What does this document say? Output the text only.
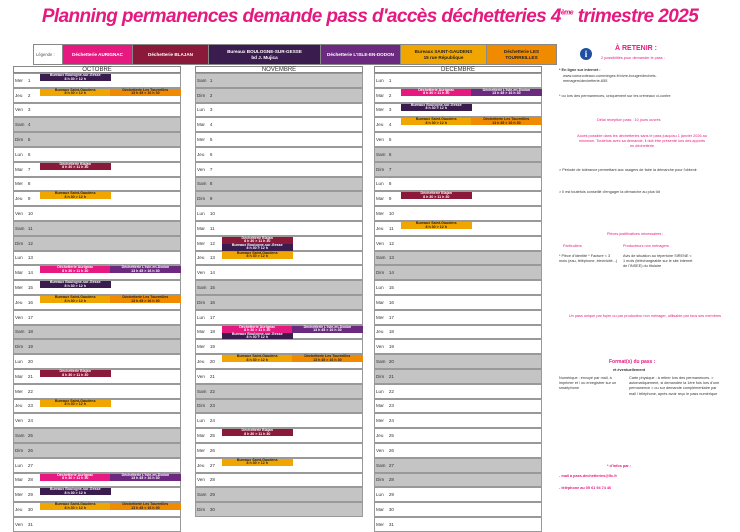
Planning permanences demande pass d'accès déchetteries 4ème trimestre 2025
Légende :	Déchetterie AURIGNAC	Déchetterie BLAJAN
Bureaux BOULOGNE-SUR-GESSE
bd J. Mujica
Déchetterie L'ISLE-EN-DODON
Bureaux SAINT-GAUDENS
15 rue République
Déchetterie LES TOURREILLES
OCTOBRE
Mer	1
Bureaux Boulogne-sur-Gesse
8 h 30 > 12 h
Jeu	2
Bureaux Saint-Gaudens
8 h 30 > 12 h
Déchetterie Les Tourreilles
13 h 45 > 16 h 30
Ven	3
Sam 4
Dim	5
Lun	6
Mar	7
Déchetterie Blajan
8 h 30 > 11 h 30
Mer	8
Jeu	9
Bureaux Saint-Gaudens
8 h 30 > 12 h
Ven	10
Sam 11
Dim	12
Lun	13
Mar	14
Déchetterie Aurignac
8 h 30 > 11 h 30
Déchetterie L'Isle-en-Dodon
13 h 45 > 16 h 30
Mer	15
Bureaux Boulogne-sur-Gesse
8 h 30 > 12 h
Jeu	16
Bureaux Saint-Gaudens
8 h 30 > 12 h
Déchetterie Les Tourreilles
13 h 45 > 16 h 30
Ven	17
Sam 18
Dim	19
Lun	20
Mar	21
Déchetterie Blajan
8 h 30 > 11 h 30
Mer	22
Jeu	23
Bureaux Saint-Gaudens
8 h 30 > 12 h
Ven	24
Sam 25
Dim	26
Lun	27
Mar	28
Déchetterie Aurignac
8 h 30 > 11 h 30
Déchetterie L'Isle-en-Dodon
13 h 45 > 16 h 30
Mer	29
Bureaux Boulogne-sur-Gesse
8 h 30 > 12 h
Jeu	30
Bureaux Saint-Gaudens
8 h 30 > 12 h
Déchetterie Les Tourreilles
13 h 45 > 16 h 30
Ven	31
NOVEMBRE
Sam 1
Dim	2
Lun	3
Mar	4
Mer	5
Jeu	6
Ven	7
Sam 8
Dim	9
Lun	10
Mar	11
Mer	12
Déchetterie Blajan
8 h 30 > 11 h 30
Bureaux Boulogne-sur-Gesse
8 h 30 > 12 h
Jeu	13
Bureaux Saint-Gaudens
8 h 30 > 12 h
Ven	14
Sam 15
Dim	16
Lun	17
Mar	18
Déchetterie Aurignac
8 h 30 > 11 h 30
Bureaux Boulogne-sur-Gesse
8 h 30 > 12 h
Déchetterie L'Isle-en-Dodon
13 h 45 > 16 h 30
Mer	19
Jeu	20
Bureaux Saint-Gaudens
8 h 30 > 12 h
Déchetterie Les Tourreilles
13 h 45 > 16 h 30
Ven	21
Sam 22
Dim	23
Lun	24
Mar	25
Déchetterie Blajan
8 h 30 > 11 h 30
Mer	26
Jeu	27
Bureaux Saint-Gaudens
8 h 30 > 12 h
Ven	28
Sam 29
Dim	30
DECEMBRE
Lun	1
Mar	2
Déchetterie Aurignac
8 h 30 > 11 h 30
Déchetterie L'Isle-en-Dodon
13 h 45 > 16 h 30
Mer	3
Bureaux Boulogne-sur-Gesse
8 h 30 > 12 h
Jeu	4
Bureaux Saint-Gaudens
8 h 30 > 12 h
Déchetterie Les Tourreilles
13 h 45 > 16 h 30
Ven	5
Sam 6
Dim	7
Lun	8
Mar	9
Déchetterie Blajan
8 h 30 > 11 h 30
Mer	10
Jeu	11
Bureaux Saint-Gaudens
8 h 30 > 12 h
Ven	12
Sam 13
Dim	14
Lun	15
Mar	16
Mer	17
Jeu	18
Ven	19
Sam 20
Dim	21
Lun	22
Mar	23
Mer	24
Jeu	25
Ven	26
Sam 27
Dim	28
Lun	29
Mar	30
Mer	31
i
À RETENIR :
2 possibilités pour demander le pass :
* En ligne sur internet :
www.coeurcoteaux-comminges.fr/vivre-bouger/dechets-menagers/dechetterie-655
* ou lors des permanences, uniquement sur les créneaux ci-contre
Délai réception pass : 10 jours ouvrés
Accès possible dans les déchetteries sans le pass jusqu'au 1 janvier 2026 au minimum. Toutefois avec sa demande, il doit être présenté lors des apports en déchetterie
> Période de tolérance permettant aux usagers de faire la démarche pour l'obtenir
> Il est toutefois conseillé d'engager la démarche au plus tôt
Pièces justificatives nécessaires :
Particuliers	Producteurs non ménagers
* Pièce d'identité * Facture < 3 mois (eau, téléphone, électricité...)
Avis de situation au répertoire SIRENE < 1 mois (téléchargeable sur le site internet de l'INSEE) du titulaire
Un pass unique par foyer ou par producteur non ménager, utilisable par tous ses membres
Format(s) du pass :
et éventuellement
Numérique : envoyé par mail, à imprimer et / ou enregistrer sur un smartphone
Carte physique : à retirer lors des permanences. > automatiquement, si demandée la 1ère fois lors d'une permanence > ou sur demande complémentaire par mail / téléphone, après avoir reçu le pass numérique
* d'infos par :
- mail à pass.dechetteries@5c.fr
- téléphone au 05 61 94 74 46
